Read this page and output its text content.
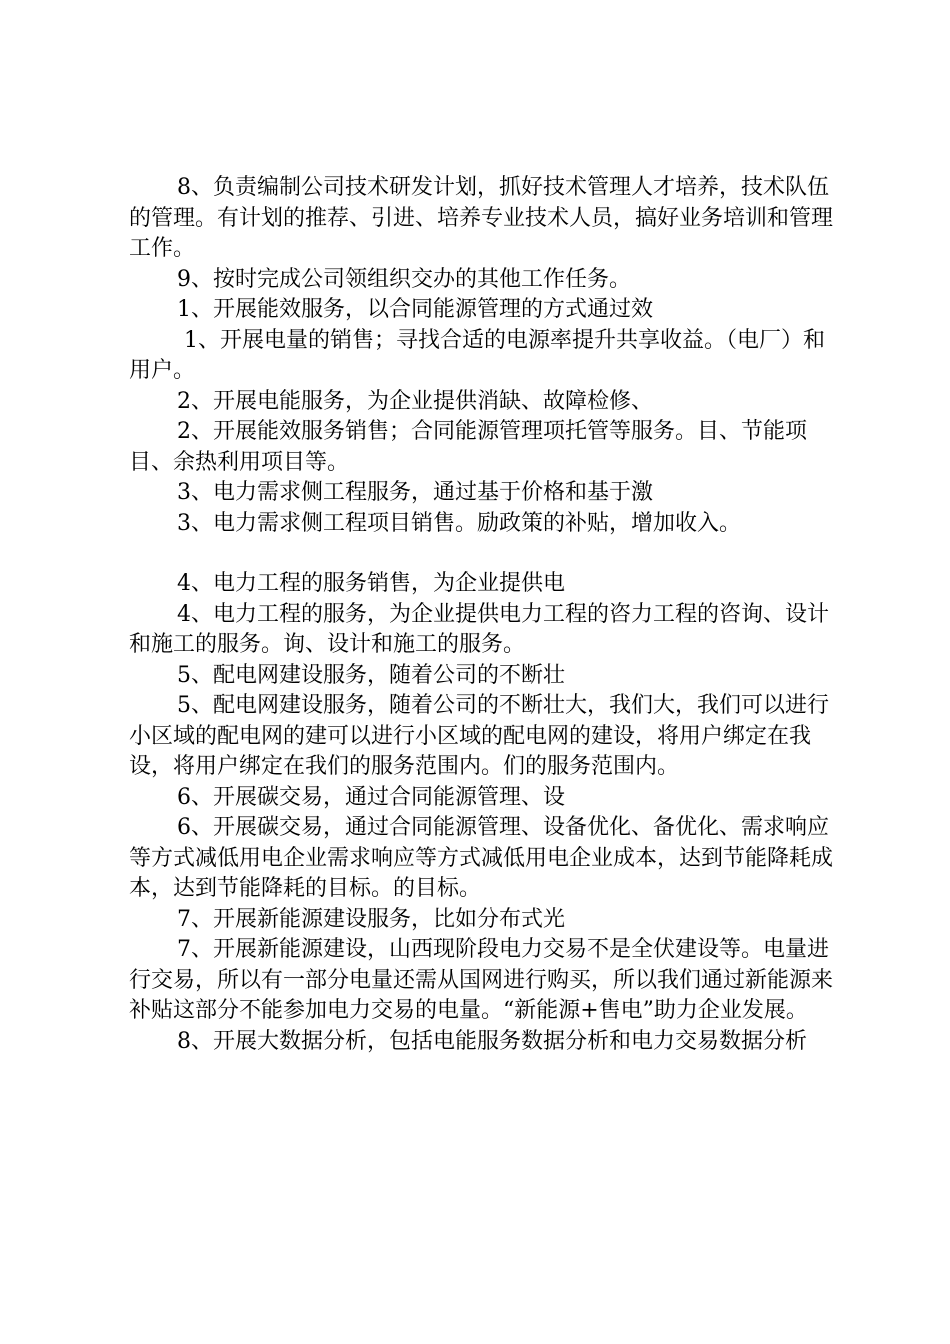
8、负责编制公司技术研发计划，抓好技术管理人才培养，技术队伍的管理。有计划的推荐、引进、培养专业技术人员，搞好业务培训和管理工作。

9、按时完成公司领组织交办的其他工作任务。

1、开展能效服务，以合同能源管理的方式通过效

1、开展电量的销售；寻找合适的电源率提升共享收益。（电厂）和用户。

2、开展电能服务，为企业提供消缺、故障检修、

2、开展能效服务销售；合同能源管理项托管等服务。目、节能项目、余热利用项目等。

3、电力需求侧工程服务，通过基于价格和基于激

3、电力需求侧工程项目销售。励政策的补贴，增加收入。

4、电力工程的服务销售，为企业提供电

4、电力工程的服务，为企业提供电力工程的咨力工程的咨询、设计和施工的服务。询、设计和施工的服务。

5、配电网建设服务，随着公司的不断壮

5、配电网建设服务，随着公司的不断壮大，我们大，我们可以进行小区域的配电网的建可以进行小区域的配电网的建设，将用户绑定在我设，将用户绑定在我们的服务范围内。们的服务范围内。

6、开展碳交易，通过合同能源管理、设

6、开展碳交易，通过合同能源管理、设备优化、备优化、需求响应等方式减低用电企业需求响应等方式减低用电企业成本，达到节能降耗成本，达到节能降耗的目标。的目标。

7、开展新能源建设服务，比如分布式光

7、开展新能源建设，山西现阶段电力交易不是全伏建设等。电量进行交易，所以有一部分电量还需从国网进行购买，所以我们通过新能源来补贴这部分不能参加电力交易的电量。“新能源+售电”助力企业发展。

8、开展大数据分析，包括电能服务数据分析和电力交易数据分析
